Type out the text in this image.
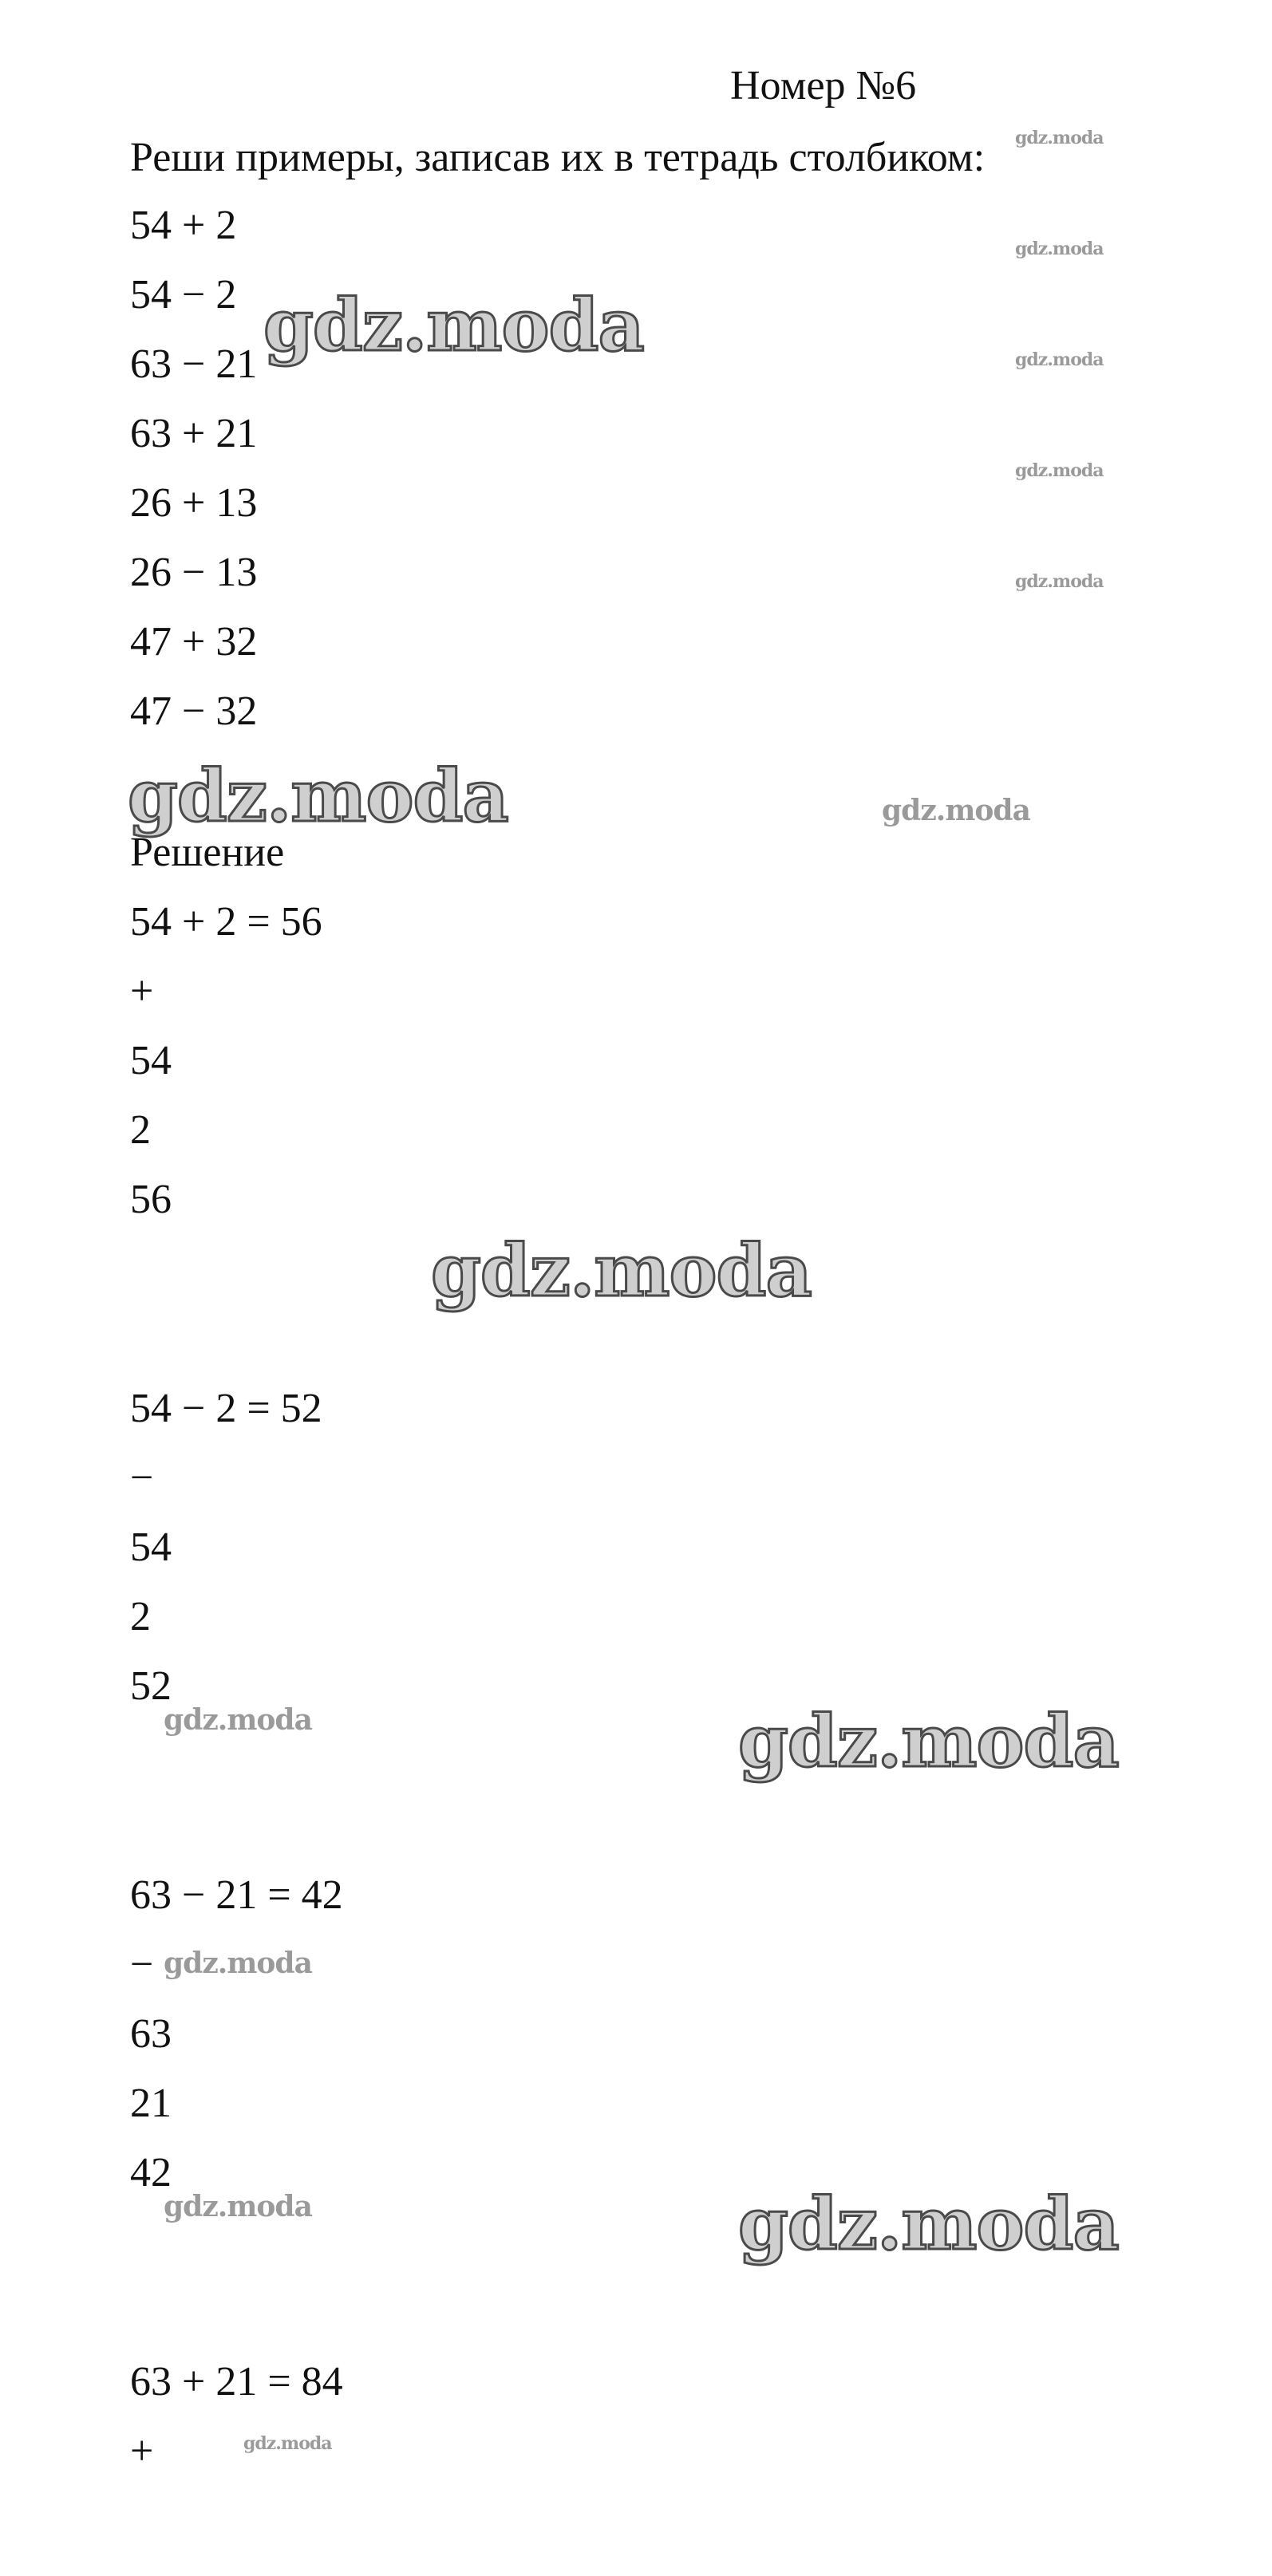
Номер №6
Реши примеры, записав их в тетрадь столбиком:
54 + 2
54 − 2
63 − 21
63 + 21
26 + 13
26 − 13
47 + 32
47 − 32
Решение
54 + 2 = 56
+
54
2
56
54 − 2 = 52
−
54
2
52
63 − 21 = 42
−
63
21
42
63 + 21 = 84
+
gdz.moda
gdz.moda
gdz.moda
gdz.moda
gdz.moda
gdz.moda
gdz.moda	gdz.moda
gdz.moda
gdz.moda	gdz.moda
gdz.moda
gdz.moda	gdz.moda
gdz.moda
